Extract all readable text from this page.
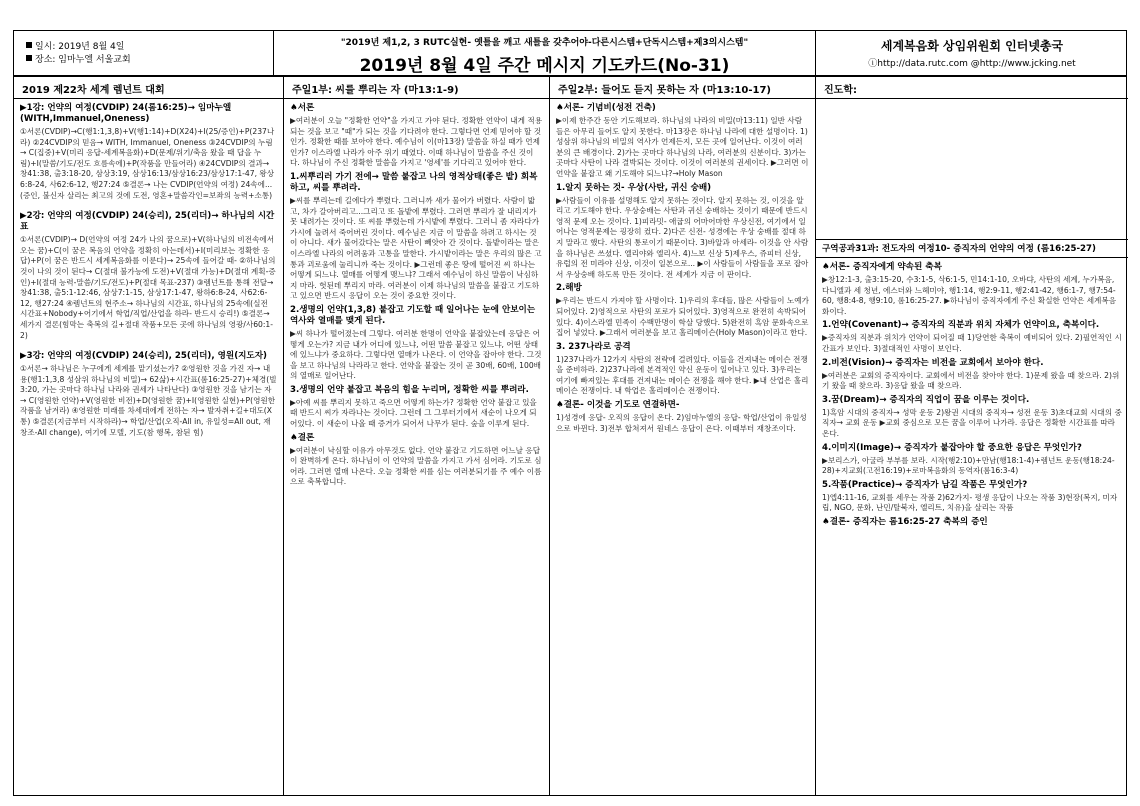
일시: 2019년 8월 4일
장소: 임마누엘 서울교회
"2019년 제1,2, 3 RUTC실현- 옛틀을 깨고 새틀을 갖추어야-다른시스템+단독시스템+제3의시스템"
2019년 8월 4일 주간 메시지 기도카드(No-31)
세계복음화 상임위원회 인터넷총국
ⓘhttp://data.rutc.com @http://www.jcking.net
2019 제22차 세계 렘넌트 대회
▶1강: 언약의 여정(CVDIP) 24(롬16:25)→ 임마누엘(WITH,Immanuel,Oneness)

①서론(CVDIP)→C(행1:1,3,8)+V(행1:14)+D(X24)+I(25/증인)+P(237나라) ②24CVDIP의 믿음→ WITH, Immanuel, Oneness ③24CVDIP의 누림→ C(집중)+V(미리 응답-세계복음화)+D(문제/위기/축음 왔을 때 답을 누림)+I(말씀/기도/전도 흐름속에)+P(작품을 만들어라) ④24CVDIP의 결과→ 창41:38, 출3:18-20, 삼상3:19, 삼상16:13/삼상16:23/삼상17:1-47, 왕상6:8-24, 사62:6-12, 행27:24 ⑤결론→ 나는 CVDIP(언약의 여정) 24속에...(증인, 불신자 살리는 최고의 것에 도전, 영혼+말씀각인=보좌의 능력+소통)

▶2강: 언약의 여정(CVDIP) 24(승리), 25(리더)→ 하나님의 시간표

①서론(CVDIP)→ D(언약의 여정 24가 나의 꿈으로)+V(하나님의 비전속에서 오는 꿈)+C(이 꿈은 복음의 언약을 정확히 아는데서)+I(미리보는 정확한 응답)+P(이 꿈은 반드시 세계복음화를 이룬다)→ 25속에 들어갈 때- ②하나님의 것이 나의 것이 된다→ C(절대 불가능에 도전)+V(절대 가능)+D(절대 계획-증인)+I(절대 능력-말씀/기도/전도)+P(절대 목표-237) ③렘넌트를 통해 전달→ 창41:38, 출5:1-12:46, 삼상7:1-15, 삼상17:1-47, 왕하6:8-24, 사62:6-12, 행27:24 ④렘넌트의 현주소→ 하나님의 시간표, 하나님의 25속에(실전 시간표+Nobody+어기에서 학업/직업/산업을 하라- 반드시 승리!) ⑤결론→ 세가지 결론(힘막는 축복의 길+절대 작품+모든 곳에 하나님의 영광/사60:1-2)

▶3강: 언약의 여정(CVDIP) 24(승리), 25(리더), 영원(지도자)

①서론→ 하나님은 누구에게 세계를 맡기셨는가? ②영원한 것을 가진 자→ 내용(행1:1,3,8 성삼위 하나님의 비밀)→ 62삶)+시간표(롬16:25-27)+체경(빌3:20, 가는 곳마다 하나님 나라와 권세가 나타난다) ③영원한 것을 남기는 자→ C(영원한 언약)+V(영원한 비전)+D(영원한 꿈)+I(영원한 실현)+P(영원한 작품을 남겨라) ④영원한 미래를 차세대에게 전하는 자→ 발자취+길+대도(X통) ⑤결론(지금부터 시작하라)→ 학업/산업(오직-All in, 유일성=All out, 재창조-All change), 여기에 모델, 기도(참 행복, 참된 힘)

주일1부: 씨를 뿌리는 자 (마13:1-9)
♠서론

▶여러분이 오늘 "정확한 언약"을 가지고 가야 된다. 정확한 언약이 내게 적용되는 것을 보고 "때"가 되는 것을 기다려야 한다. 그렇다면 언제 믿어야 할 것인가. 정확한 때를 보아야 한다. 예수님이 이(마13장) 말씀을 하실 때가 언제인가? 이스라엘 나라가 아주 위기 때였다. 이때 하나님이 말씀을 주신 것이다. 하나님이 주신 정확한 말씀을 가지고 '영세'를 기다리고 있어야 한다.

1.씨뿌리러 가기 전에→ 말씀 붙잡고 나의 영적상태(좋은 밭) 회복하고, 씨를 뿌려라.

▶씨를 뿌리는데 길에다가 뿌렸다. 그러니까 새가 물어가 버렸다. 사람이 밟고, 차가 갈아버리고...그리고 또 돌밭에 뿌렸다. 그러면 뿌리가 잘 내리지가 못 내려가는 것이다. 또 씨를 뿌렸는데 가시밭에 뿌렸다. 그러니 좀 자라다가 가시에 눌려서 죽어버린 것이다. 예수님은 지금 이 말씀을 하려고 하시는 것이 아니다. 새가 물어갔다는 말은 사탄이 빼앗아 간 것이다. 돌밭이라는 말은 이스라엘 나라의 어려움과 고통을 말한다. 가시밭이라는 말은 우리의 많은 고통과 괴로움에 눌리니까 죽는 것이다. ▶그런데 좋은 땅에 떨어진 씨 하나는 어떻게 되느냐. 열매를 어떻게 맺느냐? 그래서 예수님이 하신 말씀이 낙심하지 마라. 헛된데 뿌리지 마라. 여러분이 이제 하나님의 말씀을 붙잡고 기도하고 있으면 반드시 응답이 오는 것이 중요한 것이다.

2.생명의 언약(1,3,8) 붙잡고 기도할 때 일어나는 눈에 안보이는 역사와 열매를 맺게 된다.

▶씨 하나가 떨어졌는데 그렇다. 여러분 한명이 언약을 붙잡았는데 응답은 어떻게 오는가? 지금 내가 어디에 있느냐, 어떤 말씀 붙잡고 있느냐, 어떤 상태에 있느냐가 중요하다. 그렇다면 열매가 나온다. 이 언약을 잡아야 한다. 그것을 보고 하나님의 나라라고 한다. 언약을 붙잡는 것이 곧 30배, 60배, 100배의 열매로 일어난다.

3.생명의 언약 붙잡고 복음의 힘을 누리며, 정확한 씨를 뿌려라.

▶아예 씨를 뿌리지 못하고 죽으면 어떻게 하는가? 정확한 언약 붙잡고 있을 때 반드시 씨가 자라나는 것이다. 그런데 그 그루터기에서 새순이 나오게 되어있다. 이 새순이 나올 때 증거가 되어서 나무가 된다. 숲을 이루게 된다.

♠결론

▶여러분이 낙심할 이유가 아무것도 없다. 언약 붙잡고 기도하면 어느날 응답이 완벽하게 온다. 하나님이 이 언약의 말씀을 가지고 가서 심어라. 기도로 심어라. 그러면 열매 나온다. 오늘 정확한 씨를 심는 여러분되기를 주 예수 이름으로 축복합니다.

주일2부: 들어도 듣지 못하는 자 (마13:10-17)
♠서론- 기념비(성전 건축)

▶이제 한주간 동안 기도해보라. 하나님의 나라의 비밀(마13:11) 일반 사람들은 아무리 들어도 알지 못한다. 마13장은 하나님 나라에 대한 설명이다. 1)성삼위 하나님의 비밀의 역사가 언제든지, 모든 곳에 일어난다. 이것이 여러분의 큰 배경이다. 2)가는 곳마다 하나님의 나라, 여러분의 신분이다. 3)가는 곳마다 사탄이 나라 결박되는 것이다. 이것이 여러분의 권세이다. ▶그러면 이 언약을 붙잡고 왜 기도해야 되느냐?→Holy Mason

1.알지 못하는 것- 우상(사탄, 귀신 숭배)

▶사람들이 이유를 설명해도 알지 못하는 것이다. 알지 못하는 것, 이것을 알리고 기도해야 한다. 우상숭배는 사탄과 귀신 숭배하는 것이기 때문에 반드시 영적 문제 오는 것이다. 1)피라밋- 애굽의 어마어마한 우상신전, 여기에서 일어나는 영적문제는 굉장히 컸다. 2)다곤 신전- 성경에는 우상 숭배를 절대 하지 말라고 했다. 사탄의 통로이기 때문이다. 3)바알과 아세라- 이것을 안 사람을 하나님은 쓰셨다. 엘리야와 엘리사. 4)느보 신상 5)제우스, 쥬피터 신상, 유럽의 전 미라야 신상, 이것이 일본으로... ▶이 사람들이 사람들을 포로 잡아서 우상숭배 하도록 만든 것이다. 전 세계가 지금 이 판이다.

2.해방

▶우리는 반드시 가져야 할 사명이다. 1)우리의 후대들, 많은 사람들이 노예가 되어있다. 2)영적으로 사탄의 포로가 되어있다. 3)영적으로 완전히 속박되어 있다. 4)이스라엘 민족이 수백만명이 학살 당했다. 5)완전히 흑암 문화속으로 집어 넣었다. ▶그래서 여러분을 보고 홀리메이슨(Holy Mason)이라고 한다.

3. 237나라로 공격

1)237나라가 12가지 사탄의 전략에 걸려있다. 이들을 건져내는 메이슨 전쟁을 준비하라. 2)237나라에 본격적인 약신 운동이 일어나고 있다. 3)우리는 여기에 빠져있는 후대를 건져내는 메이슨 전쟁을 해야 한다. ▶내 산업은 홀리메이슨 전쟁이다. 내 학업은 홀리메이슨 전쟁이다.

♠결론- 이것을 기도로 연결하면-

1)성경에 응답- 오직의 응답이 온다. 2)임마누엘의 응답- 학업/산업이 유일성으로 바뀐다. 3)전부 합쳐져서 원네스 응답이 온다. 이때부터 재창조이다.

진도학:
구역공과31과: 전도자의 여정10- 증직자의 언약의 여정 (롬16:25-27)
♠서론- 증직자에게 약속된 축복

▶창12:1-3, 출3:15-20, 수3:1-5, 삭6:1-5, 민14:1-10, 오바댜, 사탄의 세계, 누가복음, 다니엘과 세 청년, 에스더와 느헤미야, 행1:14, 행2:9-11, 행2:41-42, 행6:1-7, 행7:54-60, 행8:4-8, 행9:10, 롬16:25-27. ▶하나님이 증직자에게 주신 확실한 언약은 세계복음화이다.

1.언약(Covenant)→ 증직자의 직분과 위치 자체가 언약이요, 축복이다.

▶증직자의 직분과 위치가 언약이 되어질 때 1)당연한 축복이 예비되어 있다. 2)필연적인 시간표가 보인다. 3)절대적인 사명이 보인다.

2.비전(Vision)→ 증직자는 비전을 교회에서 보아야 한다.

▶여러분은 교회의 증직자이다. 교회에서 비전을 찾아야 한다. 1)문제 왔을 때 찾으라. 2)위기 왔을 때 찾으라. 3)응답 왔을 때 찾으라.

3.꿈(Dream)→ 증직자의 직업이 꿈을 이루는 것이다.

1)흑암 시대의 중직자→ 성막 운동 2)왕권 시대의 중직자→ 성전 운동 3)초대교회 시대의 중직자→ 교회 운동 ▶교회 중심으로 모든 꿈을 이루어 나가라. 응답은 정확한 시간표를 따라 온다.

4.이미지(Image)→ 증직자가 붙잡아야 할 중요한 응답은 무엇인가?

▶보리스가, 아굴라 부부를 보라. 시작(행2:10)+만남(행18:1-4)+렘넌트 운동(행18:24-28)+지교회(고전16:19)+로마복음화의 동역자(롬16:3-4)

5.작품(Practice)→ 증직자가 남길 작품은 무엇인가?

1)엡4:11-16, 교회를 세우는 작품 2)62가지- 평생 응답이 나오는 작품 3)현장(복지, 미자립, NGO, 문화, 난민/탈북자, 엘리트, 치유)을 살리는 작품

♠결론- 증직자는 롬16:25-27 축복의 증인
